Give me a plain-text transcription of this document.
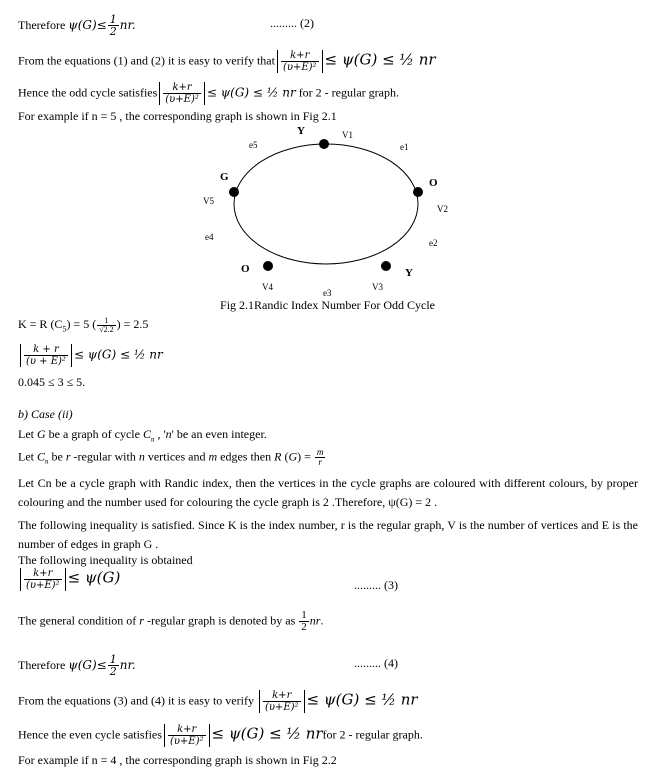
Therefore $\psi(G)\le \frac{1}{2}$ nr.	......... (2)
From the equations (1) and (2) it is easy to verify that $\frac{k+r}{\text{(υ+E)²}} \le \psi(G)$ ≤ ½ nr
Hence the odd cycle satisfies $\frac{k+r}{\text{(υ+E)²}} \le \psi(G)$ ≤ ½ nr for 2 - regular graph.
For example if n = 5 , the corresponding graph is shown in Fig 2.1
Y
G	O
O	Y
V1
V2
V3
V4
V5
e1
e2
e3
e4
e5
Fig 2.1Randic Index Number For Odd Cycle
K = R $(C_5) = 5$ ( $\frac{1}{√2.2}$ ) = 2.5
$\frac{k + r}{\text{(υ + E)²}} \le \psi(G)$ ≤ ½ nr
0.045 ≤ 3 ≤ 5.
b) Case (ii)
Let G be a graph of cycle $C_n$ , 'n' be an even integer.
Let $C_n$ be r -regular with n vertices and m edges then R $(G) = \frac{m}{r}$
Let Cn be a cycle graph with Randic index, then the vertices in the cycle graphs are coloured with different colours, by proper colouring and the number used for colouring the cycle graph is 2 .Therefore, ψ(G) = 2 .
The following inequality is satisfied. Since K is the index number, r is the regular graph, V is the number of vertices and E is the number of edges in graph G .
The following inequality is obtained
$\frac{k+r}{\text{(υ+E)²}} \le \psi(G)$	......... (3)
The general condition of r -regular graph is denoted by as $\frac{1}{2}$ nr.
Therefore $\psi(G)\le \frac{1}{2}$ nr.	......... (4)
From the equations (3) and (4) it is easy to verify $\frac{k+r}{\text{(υ+E)²}} \le \psi(G)$ ≤ ½ nr
Hence the even cycle satisfies $\frac{k+r}{\text{(υ+E)²}} \le \psi(G)$ ≤ ½ nrfor 2 - regular graph.
For example if n = 4 , the corresponding graph is shown in Fig 2.2
